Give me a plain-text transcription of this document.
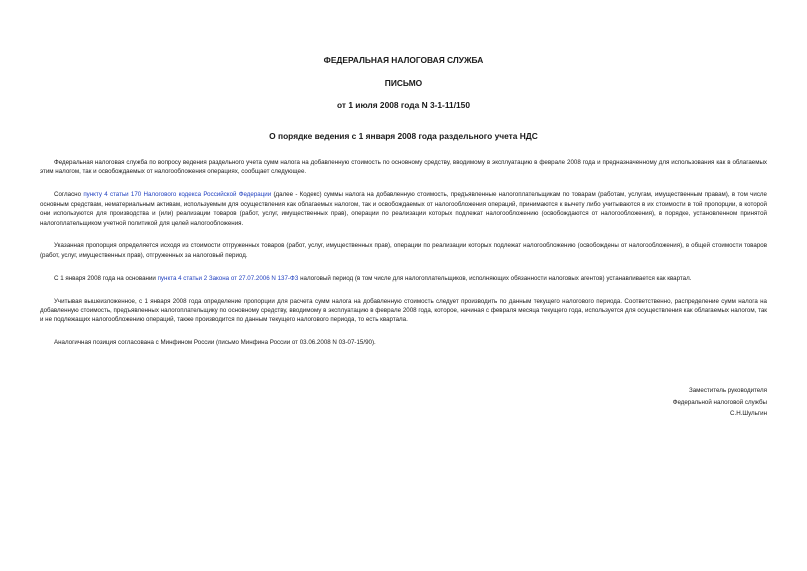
ФЕДЕРАЛЬНАЯ НАЛОГОВАЯ СЛУЖБА
ПИСЬМО
от 1 июля 2008 года N 3-1-11/150
О порядке ведения с 1 января 2008 года раздельного учета НДС

Федеральная налоговая служба по вопросу ведения раздельного учета сумм налога на добавленную стоимость по основному средству, вводимому в эксплуатацию в феврале 2008 года и предназначенному для использования как в облагаемых этим налогом, так и освобождаемых от налогообложения операциях, сообщает следующее.

Согласно пункту 4 статьи 170 Налогового кодекса Российской Федерации (далее - Кодекс) суммы налога на добавленную стоимость, предъявленные налогоплательщикам по товарам (работам, услугам, имущественным правам), в том числе основным средствам, нематериальным активам, используемым для осуществления как облагаемых налогом, так и освобождаемых от налогообложения операций, принимаются к вычету либо учитываются в их стоимости в той пропорции, в которой они используются для производства и (или) реализации товаров (работ, услуг, имущественных прав), операции по реализации которых подлежат налогообложению (освобождаются от налогообложения), в порядке, установленном принятой налогоплательщиком учетной политикой для целей налогообложения.

Указанная пропорция определяется исходя из стоимости отгруженных товаров (работ, услуг, имущественных прав), операции по реализации которых подлежат налогообложению (освобождены от налогообложения), в общей стоимости товаров (работ, услуг, имущественных прав), отгруженных за налоговый период.

С 1 января 2008 года на основании пункта 4 статьи 2 Закона от 27.07.2006 N 137-ФЗ налоговый период (в том числе для налогоплательщиков, исполняющих обязанности налоговых агентов) устанавливается как квартал.

Учитывая вышеизложенное, с 1 января 2008 года определение пропорции для расчета сумм налога на добавленную стоимость следует производить по данным текущего налогового периода. Соответственно, распределение сумм налога на добавленную стоимость, предъявленных налогоплательщику по основному средству, вводимому в эксплуатацию в феврале 2008 года, которое, начиная с февраля месяца текущего года, используется для осуществления как облагаемых налогом, так и не подлежащих налогообложению операций, также производится по данным текущего налогового периода, то есть квартала.

Аналогичная позиция согласована с Минфином России (письмо Минфина России от 03.06.2008 N 03-07-15/90).

Заместитель руководителя
Федеральной налоговой службы
С.Н.Шульгин
